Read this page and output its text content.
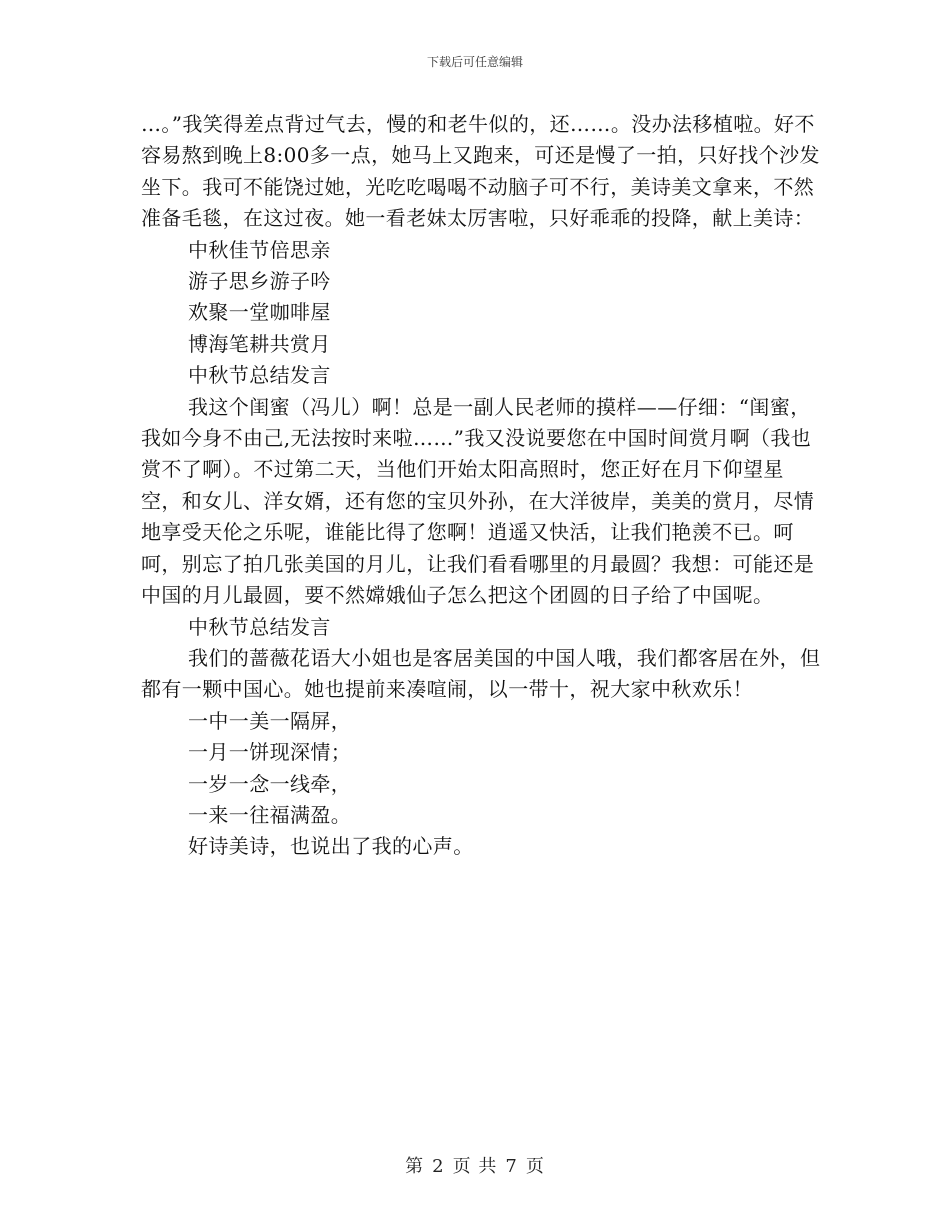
下载后可任意编辑

…。”我笑得差点背过气去，慢的和老牛似的，还……。没办法移植啦。好不容易熬到晚上8:00多一点，她马上又跑来，可还是慢了一拍，只好找个沙发坐下。我可不能饶过她，光吃吃喝喝不动脑子可不行，美诗美文拿来，不然准备毛毯，在这过夜。她一看老妹太厉害啦，只好乖乖的投降，献上美诗：

中秋佳节倍思亲

游子思乡游子吟

欢聚一堂咖啡屋

博海笔耕共赏月

中秋节总结发言

我这个闺蜜（冯儿）啊！总是一副人民老师的摸样——仔细：“闺蜜，我如今身不由己,无法按时来啦……”我又没说要您在中国时间赏月啊（我也赏不了啊）。不过第二天，当他们开始太阳高照时，您正好在月下仰望星空，和女儿、洋女婿，还有您的宝贝外孙，在大洋彼岸，美美的赏月，尽情地享受天伦之乐呢，谁能比得了您啊！逍遥又快活，让我们艳羡不已。呵呵，别忘了拍几张美国的月儿，让我们看看哪里的月最圆？我想：可能还是中国的月儿最圆，要不然嫦娥仙子怎么把这个团圆的日子给了中国呢。

中秋节总结发言

我们的蔷薇花语大小姐也是客居美国的中国人哦，我们都客居在外，但都有一颗中国心。她也提前来凑喧闹，以一带十，祝大家中秋欢乐！

一中一美一隔屏，

一月一饼现深情；

一岁一念一线牵，

一来一往福满盈。

好诗美诗，也说出了我的心声。

第 2 页 共 7 页
